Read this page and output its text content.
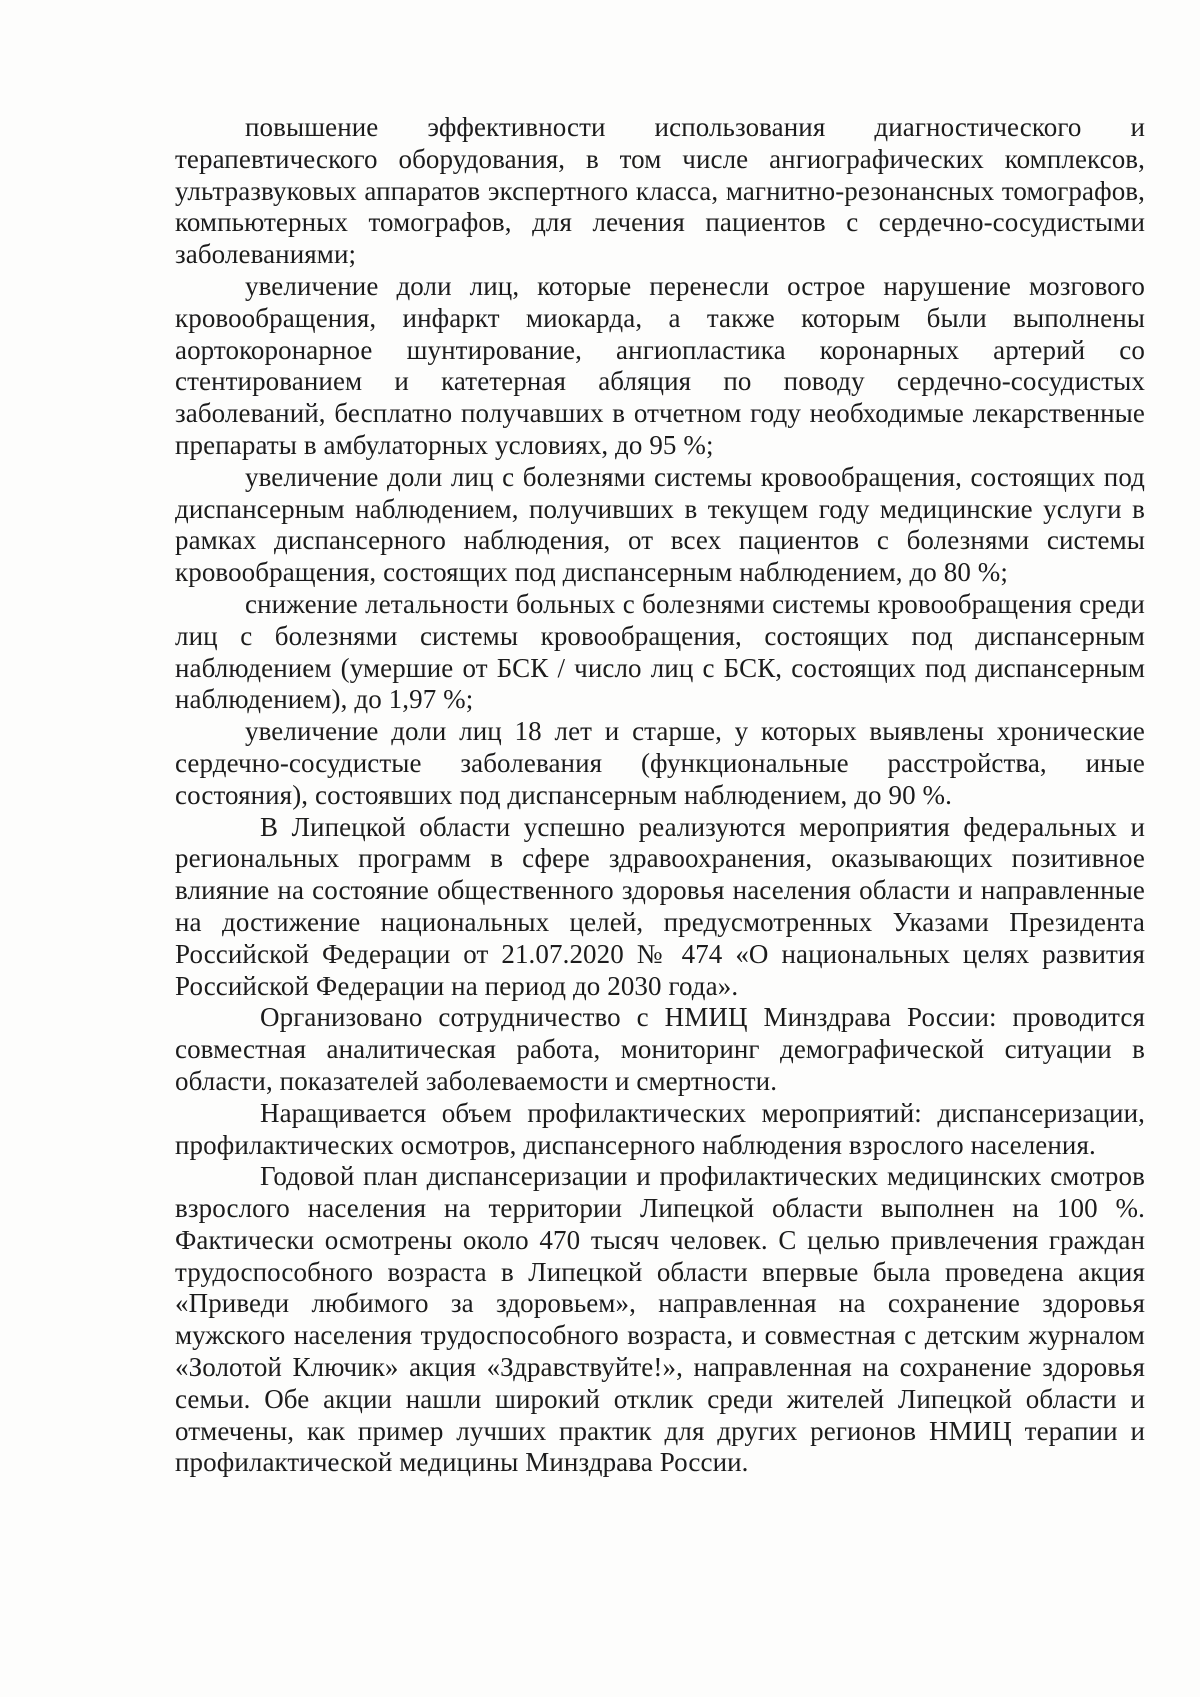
повышение эффективности использования диагностического и терапевтического оборудования, в том числе ангиографических комплексов, ультразвуковых аппаратов экспертного класса, магнитно-резонансных томографов, компьютерных томографов, для лечения пациентов с сердечно-сосудистыми заболеваниями;

увеличение доли лиц, которые перенесли острое нарушение мозгового кровообращения, инфаркт миокарда, а также которым были выполнены аортокоронарное шунтирование, ангиопластика коронарных артерий со стентированием и катетерная абляция по поводу сердечно-сосудистых заболеваний, бесплатно получавших в отчетном году необходимые лекарственные препараты в амбулаторных условиях, до 95 %;

увеличение доли лиц с болезнями системы кровообращения, состоящих под диспансерным наблюдением, получивших в текущем году медицинские услуги в рамках диспансерного наблюдения, от всех пациентов с болезнями системы кровообращения, состоящих под диспансерным наблюдением, до 80 %;

снижение летальности больных с болезнями системы кровообращения среди лиц с болезнями системы кровообращения, состоящих под диспансерным наблюдением (умершие от БСК / число лиц с БСК, состоящих под диспансерным наблюдением), до 1,97 %;

увеличение доли лиц 18 лет и старше, у которых выявлены хронические сердечно-сосудистые заболевания (функциональные расстройства, иные состояния), состоявших под диспансерным наблюдением, до 90 %.

В Липецкой области успешно реализуются мероприятия федеральных и региональных программ в сфере здравоохранения, оказывающих позитивное влияние на состояние общественного здоровья населения области и направленные на достижение национальных целей, предусмотренных Указами Президента Российской Федерации от 21.07.2020 № 474 «О национальных целях развития Российской Федерации на период до 2030 года».

Организовано сотрудничество с НМИЦ Минздрава России: проводится совместная аналитическая работа, мониторинг демографической ситуации в области, показателей заболеваемости и смертности.

Наращивается объем профилактических мероприятий: диспансеризации, профилактических осмотров, диспансерного наблюдения взрослого населения.

Годовой план диспансеризации и профилактических медицинских смотров взрослого населения на территории Липецкой области выполнен на 100 %. Фактически осмотрены около 470 тысяч человек. С целью привлечения граждан трудоспособного возраста в Липецкой области впервые была проведена акция «Приведи любимого за здоровьем», направленная на сохранение здоровья мужского населения трудоспособного возраста, и совместная с детским журналом «Золотой Ключик» акция «Здравствуйте!», направленная на сохранение здоровья семьи. Обе акции нашли широкий отклик среди жителей Липецкой области и отмечены, как пример лучших практик для других регионов НМИЦ терапии и профилактической медицины Минздрава России.
